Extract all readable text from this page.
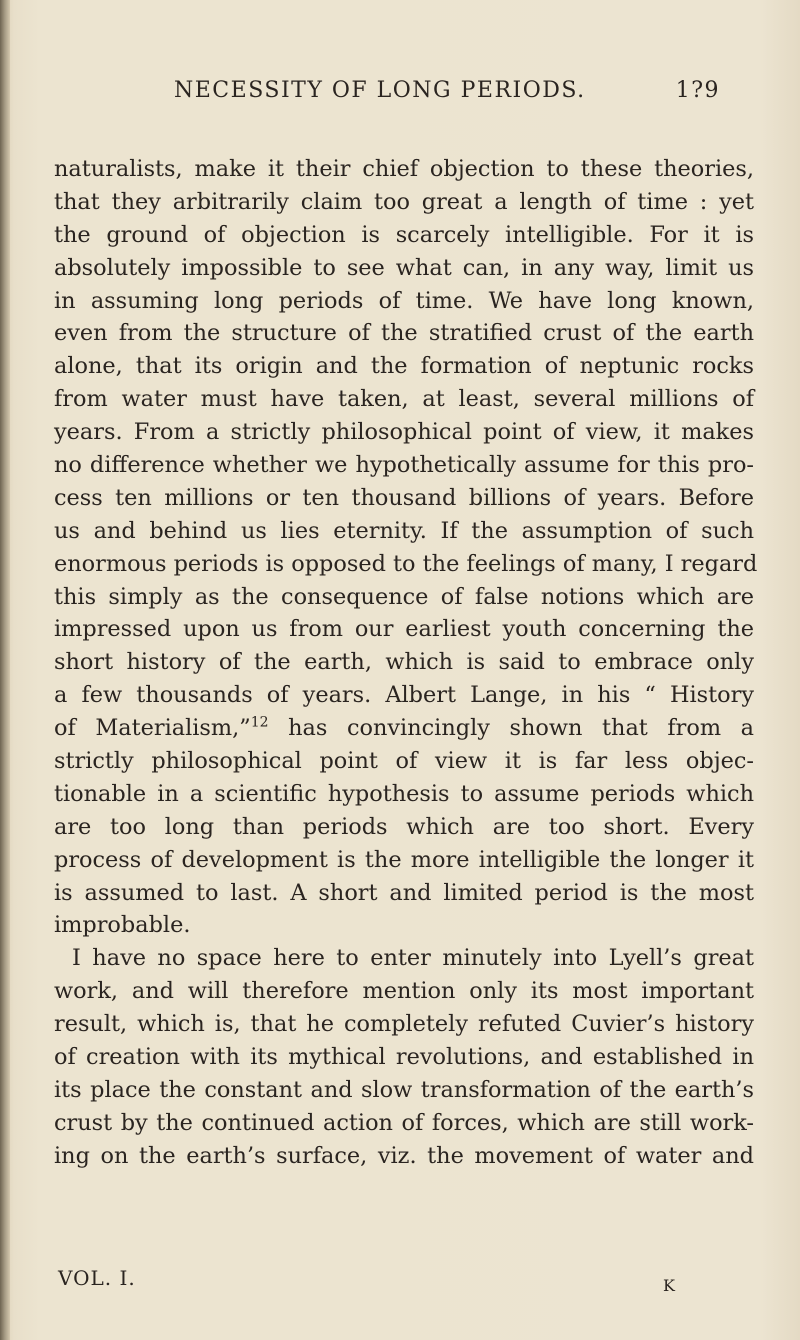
NECESSITY OF LONG PERIODS.	1?9
naturalists, make it their chief objection to these theories,
that they arbitrarily claim too great a length of time : yet
the ground of objection is scarcely intelligible. For it is
absolutely impossible to see what can, in any way, limit us
in assuming long periods of time. We have long known,
even from the structure of the stratified crust of the earth
alone, that its origin and the formation of neptunic rocks
from water must have taken, at least, several millions of
years. From a strictly philosophical point of view, it makes
no difference whether we hypothetically assume for this pro-
cess ten millions or ten thousand billions of years. Before
us and behind us lies eternity. If the assumption of such
enormous periods is opposed to the feelings of many, I regard
this simply as the consequence of false notions which are
impressed upon us from our earliest youth concerning the
short history of the earth, which is said to embrace only
a few thousands of years. Albert Lange, in his “ History
of Materialism,”$^{12}$ has convincingly shown that from a
strictly philosophical point of view it is far less objec-
tionable in a scientific hypothesis to assume periods which
are too long than periods which are too short. Every
process of development is the more intelligible the longer it
is assumed to last. A short and limited period is the most
improbable.
I have no space here to enter minutely into Lyell’s great
work, and will therefore mention only its most important
result, which is, that he completely refuted Cuvier’s history
of creation with its mythical revolutions, and established in
its place the constant and slow transformation of the earth’s
crust by the continued action of forces, which are still work-
ing on the earth’s surface, viz. the movement of water and
VOL. I.	K
